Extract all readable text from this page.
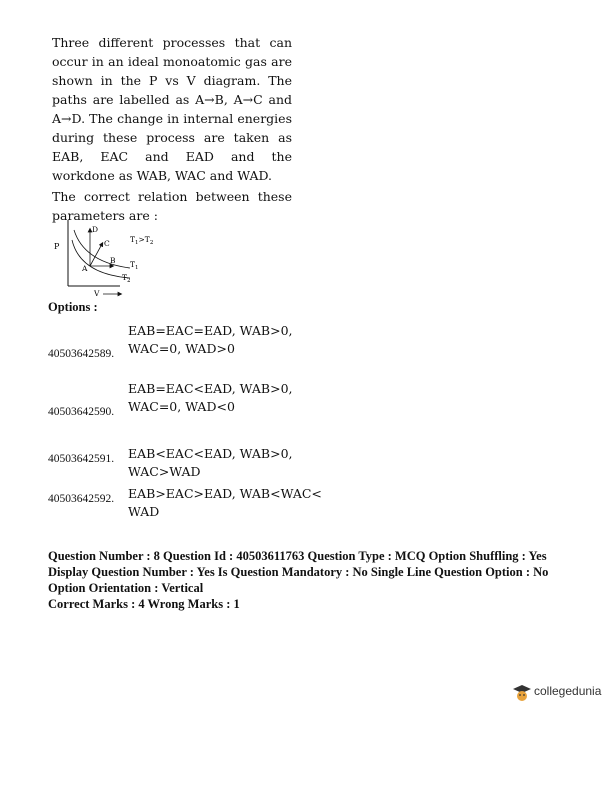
Three different processes that can occur in an ideal monoatomic gas are shown in the P vs V diagram. The paths are labelled as A→B, A→C and A→D. The change in internal energies during these process are taken as EAB, EAC and EAD and the workdone as WAB, WAC and WAD.

The correct relation between these parameters are :

P
D
C
B
A	$T_1$
$T_2$
$T_1>T_2$
V
Options :
40503642589.
EAB=EAC=EAD, WAB>0, WAC=0, WAD>0
40503642590.
EAB=EAC<EAD, WAB>0, WAC=0, WAD<0
40503642591. EAB<EAC<EAD, WAB>0, WAC>WAD
40503642592. EAB>EAC>EAD, WAB<WAC< WAD

Question Number : 8 Question Id : 40503611763 Question Type : MCQ Option Shuffling : Yes Display Question Number : Yes Is Question Mandatory : No Single Line Question Option : No Option Orientation : Vertical

Correct Marks : 4 Wrong Marks : 1

collegedunia
